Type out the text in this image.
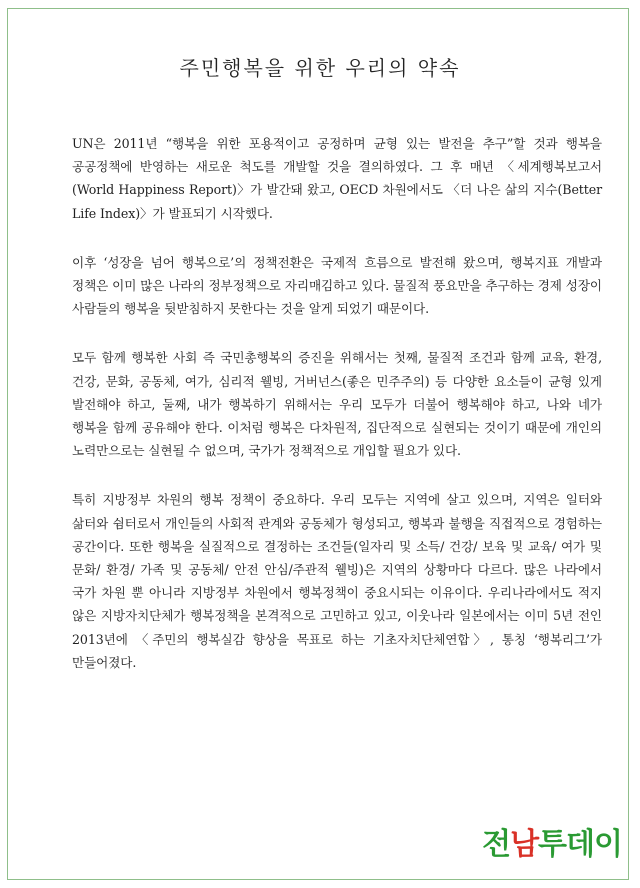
주민행복을 위한 우리의 약속

UN은 2011년 “행복을 위한 포용적이고 공정하며 균형 있는 발전을 추구”할 것과 행복을 공공정책에 반영하는 새로운 척도를 개발할 것을 결의하였다. 그 후 매년 〈세계행복보고서(World Happiness Report)〉가 발간돼 왔고, OECD 차원에서도 〈더 나은 삶의 지수(Better Life Index)〉가 발표되기 시작했다.

이후 ‘성장을 넘어 행복으로’의 정책전환은 국제적 흐름으로 발전해 왔으며, 행복지표 개발과 정책은 이미 많은 나라의 정부정책으로 자리매김하고 있다. 물질적 풍요만을 추구하는 경제 성장이 사람들의 행복을 뒷받침하지 못한다는 것을 알게 되었기 때문이다.

모두 함께 행복한 사회 즉 국민총행복의 증진을 위해서는 첫째, 물질적 조건과 함께 교육, 환경, 건강, 문화, 공동체, 여가, 심리적 웰빙, 거버넌스(좋은 민주주의) 등 다양한 요소들이 균형 있게 발전해야 하고, 둘째, 내가 행복하기 위해서는 우리 모두가 더불어 행복해야 하고, 나와 네가 행복을 함께 공유해야 한다. 이처럼 행복은 다차원적, 집단적으로 실현되는 것이기 때문에 개인의 노력만으로는 실현될 수 없으며, 국가가 정책적으로 개입할 필요가 있다.

특히 지방정부 차원의 행복 정책이 중요하다. 우리 모두는 지역에 살고 있으며, 지역은 일터와 삶터와 쉼터로서 개인들의 사회적 관계와 공동체가 형성되고, 행복과 불행을 직접적으로 경험하는 공간이다. 또한 행복을 실질적으로 결정하는 조건들(일자리 및 소득/ 건강/ 보육 및 교육/ 여가 및 문화/ 환경/ 가족 및 공동체/ 안전 안심/주관적 웰빙)은 지역의 상황마다 다르다. 많은 나라에서 국가 차원 뿐 아니라 지방정부 차원에서 행복정책이 중요시되는 이유이다. 우리나라에서도 적지 않은 지방자치단체가 행복정책을 본격적으로 고민하고 있고, 이웃나라 일본에서는 이미 5년 전인 2013년에 〈주민의 행복실감 향상을 목표로 하는 기초자치단체연합〉, 통칭 ‘행복리그’가 만들어졌다.

전남투데이
